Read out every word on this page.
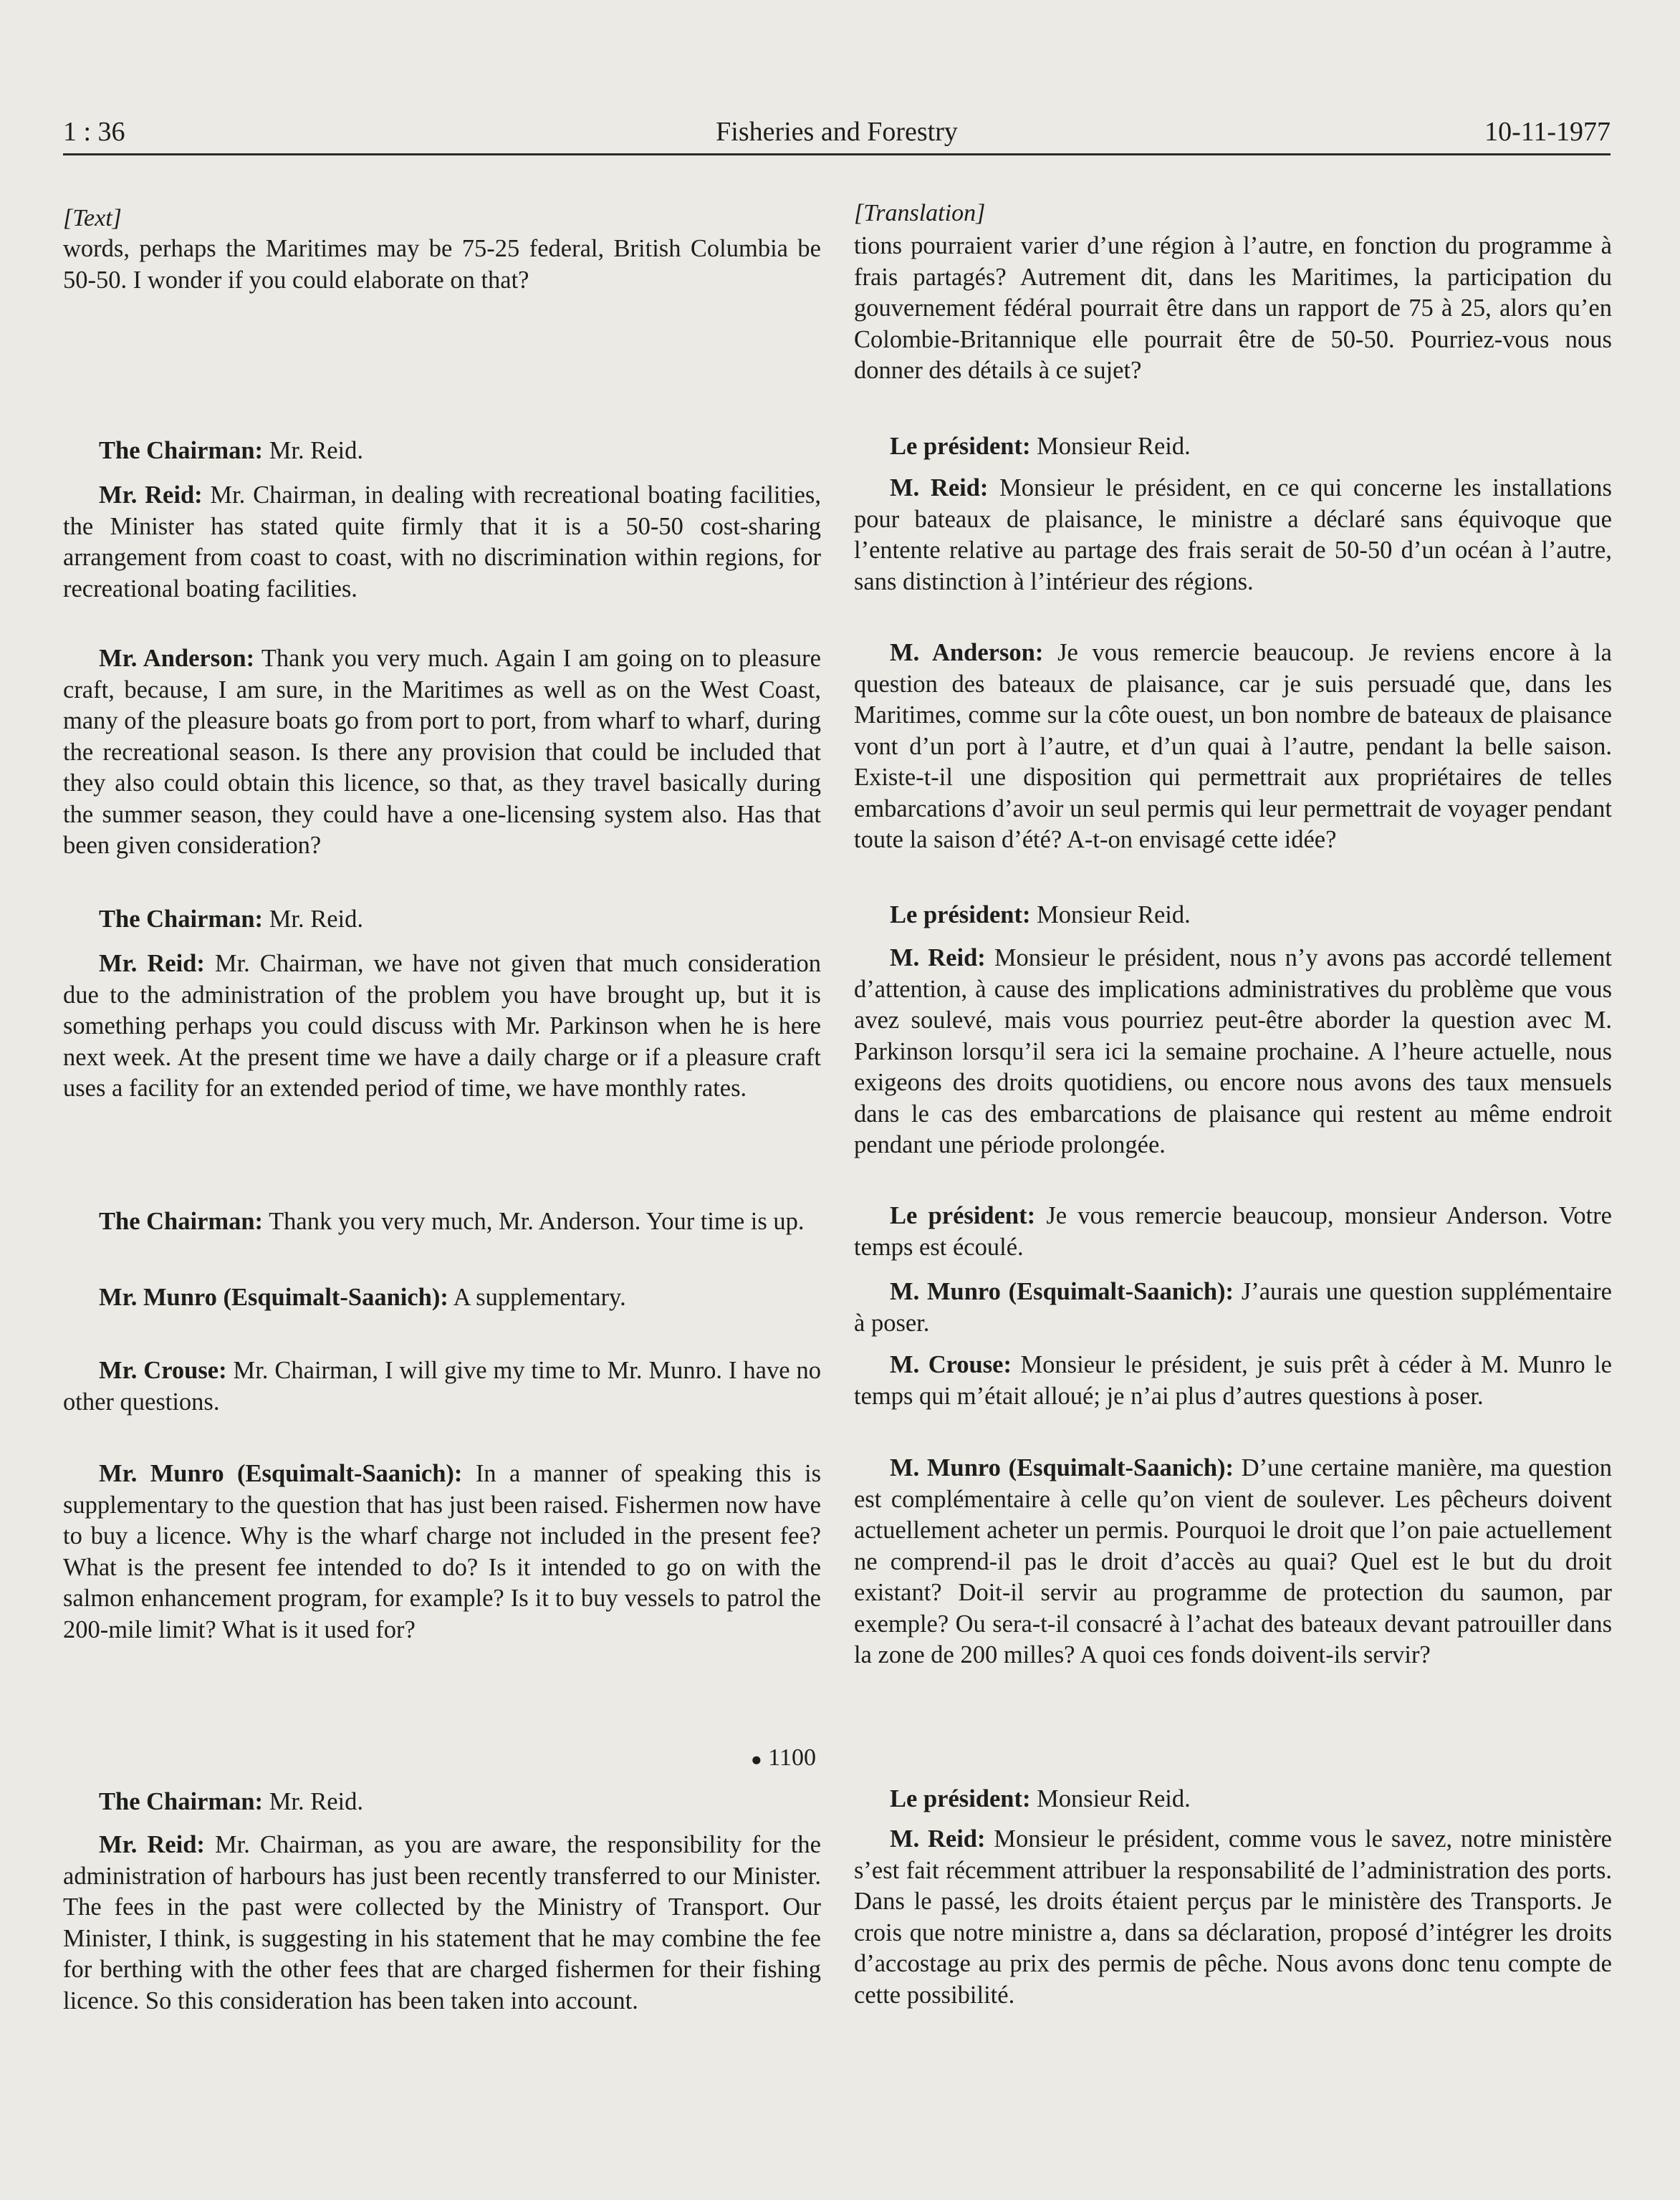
1 : 36	Fisheries and Forestry	10-11-1977
[Text]

words, perhaps the Maritimes may be 75-25 federal, British Columbia be 50-50. I wonder if you could elaborate on that?

The Chairman: Mr. Reid.

Mr. Reid: Mr. Chairman, in dealing with recreational boating facilities, the Minister has stated quite firmly that it is a 50-50 cost-sharing arrangement from coast to coast, with no discrimination within regions, for recreational boating facilities.

Mr. Anderson: Thank you very much. Again I am going on to pleasure craft, because, I am sure, in the Maritimes as well as on the West Coast, many of the pleasure boats go from port to port, from wharf to wharf, during the recreational season. Is there any provision that could be included that they also could obtain this licence, so that, as they travel basically during the summer season, they could have a one-licensing system also. Has that been given consideration?

The Chairman: Mr. Reid.

Mr. Reid: Mr. Chairman, we have not given that much consideration due to the administration of the problem you have brought up, but it is something perhaps you could discuss with Mr. Parkinson when he is here next week. At the present time we have a daily charge or if a pleasure craft uses a facility for an extended period of time, we have monthly rates.

The Chairman: Thank you very much, Mr. Anderson. Your time is up.

Mr. Munro (Esquimalt-Saanich): A supplementary.

Mr. Crouse: Mr. Chairman, I will give my time to Mr. Munro. I have no other questions.

Mr. Munro (Esquimalt-Saanich): In a manner of speaking this is supplementary to the question that has just been raised. Fishermen now have to buy a licence. Why is the wharf charge not included in the present fee? What is the present fee intended to do? Is it intended to go on with the salmon enhancement program, for example? Is it to buy vessels to patrol the 200-mile limit? What is it used for?

● 1100

The Chairman: Mr. Reid.

Mr. Reid: Mr. Chairman, as you are aware, the responsibility for the administration of harbours has just been recently transferred to our Minister. The fees in the past were collected by the Ministry of Transport. Our Minister, I think, is suggesting in his statement that he may combine the fee for berthing with the other fees that are charged fishermen for their fishing licence. So this consideration has been taken into account.

[Translation]

tions pourraient varier d’une région à l’autre, en fonction du programme à frais partagés? Autrement dit, dans les Maritimes, la participation du gouvernement fédéral pourrait être dans un rapport de 75 à 25, alors qu’en Colombie-Britannique elle pourrait être de 50-50. Pourriez-vous nous donner des détails à ce sujet?

Le président: Monsieur Reid.

M. Reid: Monsieur le président, en ce qui concerne les installations pour bateaux de plaisance, le ministre a déclaré sans équivoque que l’entente relative au partage des frais serait de 50-50 d’un océan à l’autre, sans distinction à l’intérieur des régions.

M. Anderson: Je vous remercie beaucoup. Je reviens encore à la question des bateaux de plaisance, car je suis persuadé que, dans les Maritimes, comme sur la côte ouest, un bon nombre de bateaux de plaisance vont d’un port à l’autre, et d’un quai à l’autre, pendant la belle saison. Existe-t-il une disposition qui permettrait aux propriétaires de telles embarcations d’avoir un seul permis qui leur permettrait de voyager pendant toute la saison d’été? A-t-on envisagé cette idée?

Le président: Monsieur Reid.

M. Reid: Monsieur le président, nous n’y avons pas accordé tellement d’attention, à cause des implications administratives du problème que vous avez soulevé, mais vous pourriez peut-être aborder la question avec M. Parkinson lorsqu’il sera ici la semaine prochaine. A l’heure actuelle, nous exigeons des droits quotidiens, ou encore nous avons des taux mensuels dans le cas des embarcations de plaisance qui restent au même endroit pendant une période prolongée.

Le président: Je vous remercie beaucoup, monsieur Anderson. Votre temps est écoulé.

M. Munro (Esquimalt-Saanich): J’aurais une question supplémentaire à poser.

M. Crouse: Monsieur le président, je suis prêt à céder à M. Munro le temps qui m’était alloué; je n’ai plus d’autres questions à poser.

M. Munro (Esquimalt-Saanich): D’une certaine manière, ma question est complémentaire à celle qu’on vient de soulever. Les pêcheurs doivent actuellement acheter un permis. Pourquoi le droit que l’on paie actuellement ne comprend-il pas le droit d’accès au quai? Quel est le but du droit existant? Doit-il servir au programme de protection du saumon, par exemple? Ou sera-t-il consacré à l’achat des bateaux devant patrouiller dans la zone de 200 milles? A quoi ces fonds doivent-ils servir?

Le président: Monsieur Reid.

M. Reid: Monsieur le président, comme vous le savez, notre ministère s’est fait récemment attribuer la responsabilité de l’administration des ports. Dans le passé, les droits étaient perçus par le ministère des Transports. Je crois que notre ministre a, dans sa déclaration, proposé d’intégrer les droits d’accostage au prix des permis de pêche. Nous avons donc tenu compte de cette possibilité.
